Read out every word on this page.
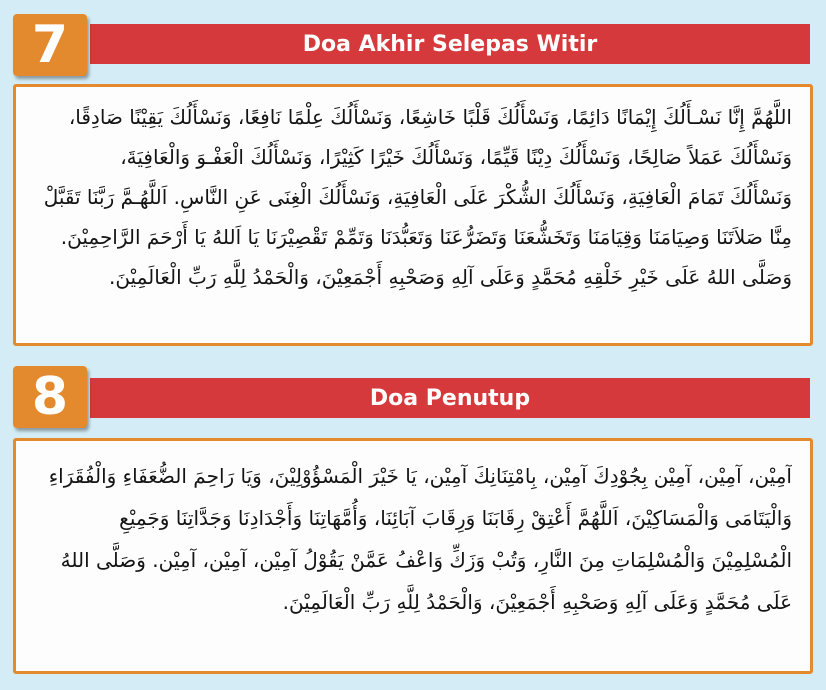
7	Doa Akhir Selepas Witir

اللَّهُمَّ إِنَّا نَسْـأَلُكَ إِيْمَانًا دَائِمًا، وَنَسْأَلُكَ قَلْبًا خَاشِعًا، وَنَسْأَلُكَ عِلْمًا نَافِعًا، وَنَسْأَلُكَ يَقِيْنًا صَادِقًا،
وَنَسْأَلُكَ عَمَلاً صَالِحًا، وَنَسْأَلُكَ دِيْنًا قَيِّمًا، وَنَسْأَلُكَ خَيْرًا كَثِيْرًا، وَنَسْأَلُكَ الْعَفْـوَ وَالْعَافِيَةَ،
وَنَسْأَلُكَ تَمَامَ الْعَافِيَةِ، وَنَسْأَلُكَ الشُّكْرَ عَلَى الْعَافِيَةِ، وَنَسْأَلُكَ الْغِنَى عَنِ النَّاسِ. اَللَّهُـمَّ رَبَّنَا تَقَبَّلْ
مِنَّا صَلاَتَنَا وَصِيَامَنَا وَقِيَامَنَا وَتَخَشُّعَنَا وَتَضَرُّعَنَا وَتَعَبُّدَنَا وَتَمِّمْ تَقْصِيْرَنَا يَا اَللهُ يَا أَرْحَمَ الرَّاحِمِيْنَ.
وَصَلَّى اللهُ عَلَى خَيْرِ خَلْقِهِ مُحَمَّدٍ وَعَلَى آلِهِ وَصَحْبِهِ أَجْمَعِيْنَ، وَالْحَمْدُ لِلَّهِ رَبِّ الْعَالَمِيْنَ.

8	Doa Penutup

آمِيْن، آمِيْن، آمِيْن بِجُوْدِكَ آمِيْن، بِامْتِنَانِكَ آمِيْن، يَا خَيْرَ الْمَسْؤُوْلِيْنَ، وَيَا رَاحِمَ الضُّعَفَاءِ وَالْفُقَرَاءِ
وَالْيَتَامَى وَالْمَسَاكِيْنَ، اَللَّهُمَّ أَعْتِقْ رِقَابَنَا وَرِقَابَ آبَائِنَا، وَأُمَّهَاتِنَا وَأَجْدَادِنَا وَجَدَّاتِنَا وَجَمِيْعِ
الْمُسْلِمِيْنَ وَالْمُسْلِمَاتِ مِنَ النَّارِ، وَتُبْ وَزَكِّ وَاعْفُ عَمَّنْ يَقُوْلُ آمِيْن، آمِيْن، آمِيْن. وَصَلَّى اللهُ
عَلَى مُحَمَّدٍ وَعَلَى آلِهِ وَصَحْبِهِ أَجْمَعِيْنَ، وَالْحَمْدُ لِلَّهِ رَبِّ الْعَالَمِيْنَ.
